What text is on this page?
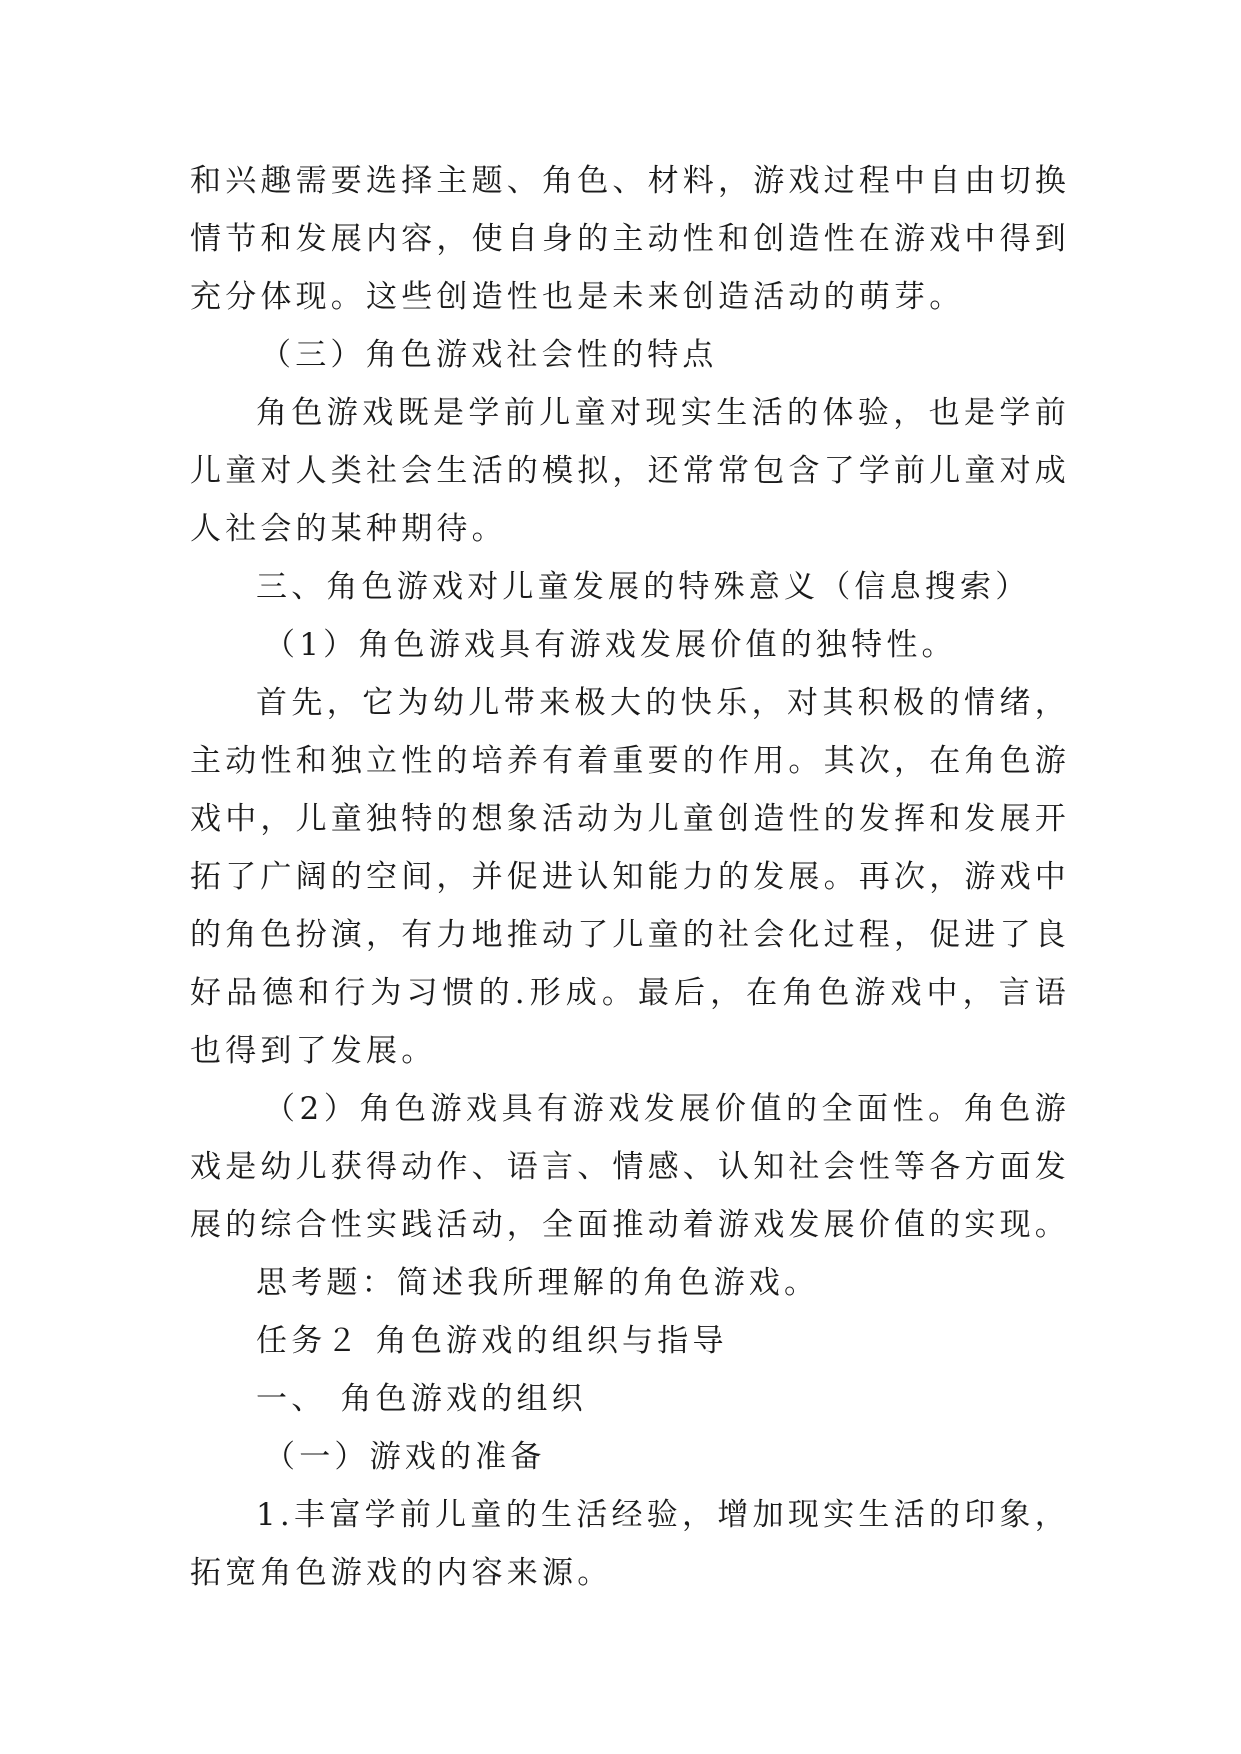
和兴趣需要选择主题、角色、材料，游戏过程中自由切换情节和发展内容，使自身的主动性和创造性在游戏中得到充分体现。这些创造性也是未来创造活动的萌芽。

（三）角色游戏社会性的特点

角色游戏既是学前儿童对现实生活的体验，也是学前儿童对人类社会生活的模拟，还常常包含了学前儿童对成人社会的某种期待。

三、角色游戏对儿童发展的特殊意义（信息搜索）

（1）角色游戏具有游戏发展价值的独特性。

首先，它为幼儿带来极大的快乐，对其积极的情绪，主动性和独立性的培养有着重要的作用。其次，在角色游戏中，儿童独特的想象活动为儿童创造性的发挥和发展开拓了广阔的空间，并促进认知能力的发展。再次，游戏中的角色扮演，有力地推动了儿童的社会化过程，促进了良好品德和行为习惯的.形成。最后，在角色游戏中，言语也得到了发展。

（2）角色游戏具有游戏发展价值的全面性。角色游戏是幼儿获得动作、语言、情感、认知社会性等各方面发展的综合性实践活动，全面推动着游戏发展价值的实现。

思考题：简述我所理解的角色游戏。

任务２ 角色游戏的组织与指导

一、 角色游戏的组织

（一）游戏的准备

1.丰富学前儿童的生活经验，增加现实生活的印象，拓宽角色游戏的内容来源。
